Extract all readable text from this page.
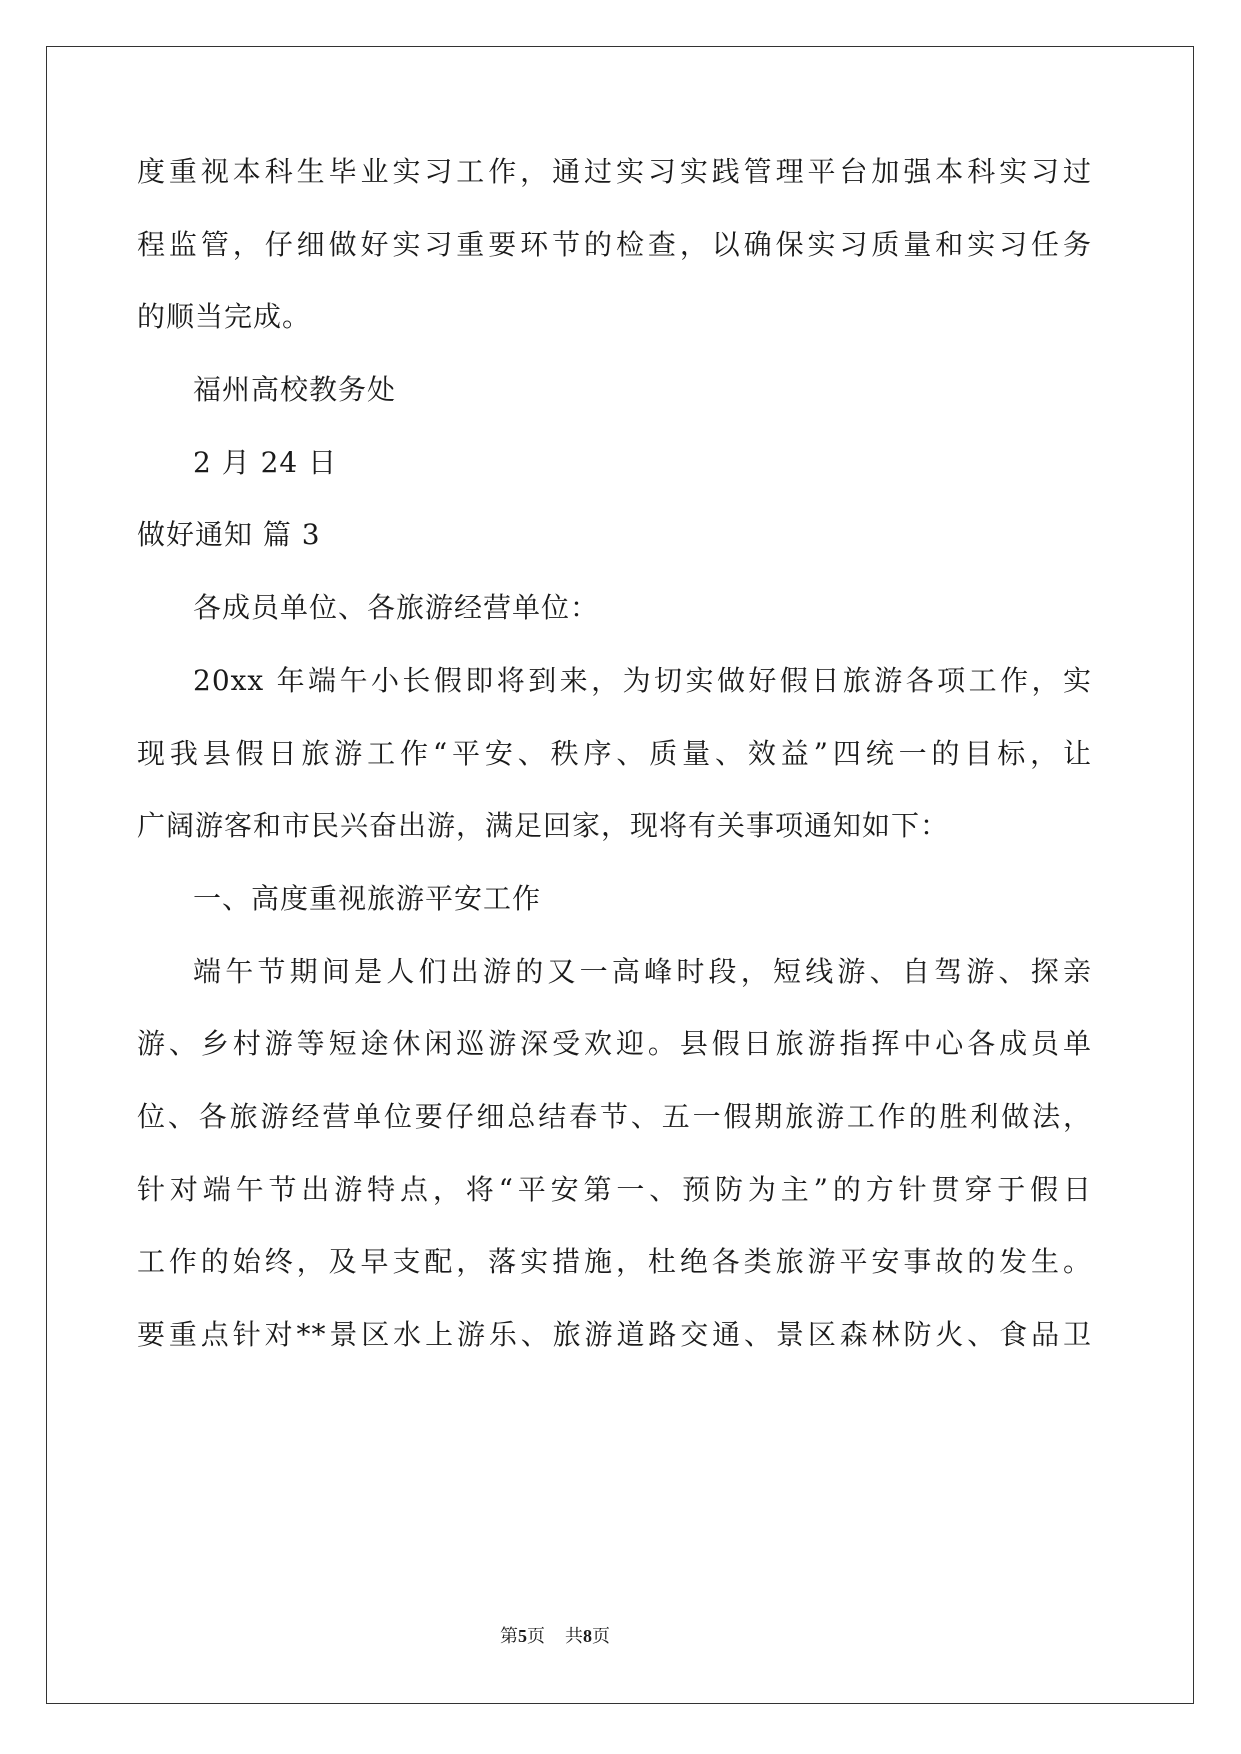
度重视本科生毕业实习工作，通过实习实践管理平台加强本科实习过
程监管，仔细做好实习重要环节的检查，以确保实习质量和实习任务
的顺当完成。
福州高校教务处
2 月 24 日
做好通知 篇 3
各成员单位、各旅游经营单位：
20xx 年端午小长假即将到来，为切实做好假日旅游各项工作，实
现我县假日旅游工作“平安、秩序、质量、效益”四统一的目标，让
广阔游客和市民兴奋出游，满足回家，现将有关事项通知如下：
一、高度重视旅游平安工作
端午节期间是人们出游的又一高峰时段，短线游、自驾游、探亲
游、乡村游等短途休闲巡游深受欢迎。县假日旅游指挥中心各成员单
位、各旅游经营单位要仔细总结春节、五一假期旅游工作的胜利做法，
针对端午节出游特点，将“平安第一、预防为主”的方针贯穿于假日
工作的始终，及早支配，落实措施，杜绝各类旅游平安事故的发生。
要重点针对**景区水上游乐、旅游道路交通、景区森林防火、食品卫
第5页 共8页
